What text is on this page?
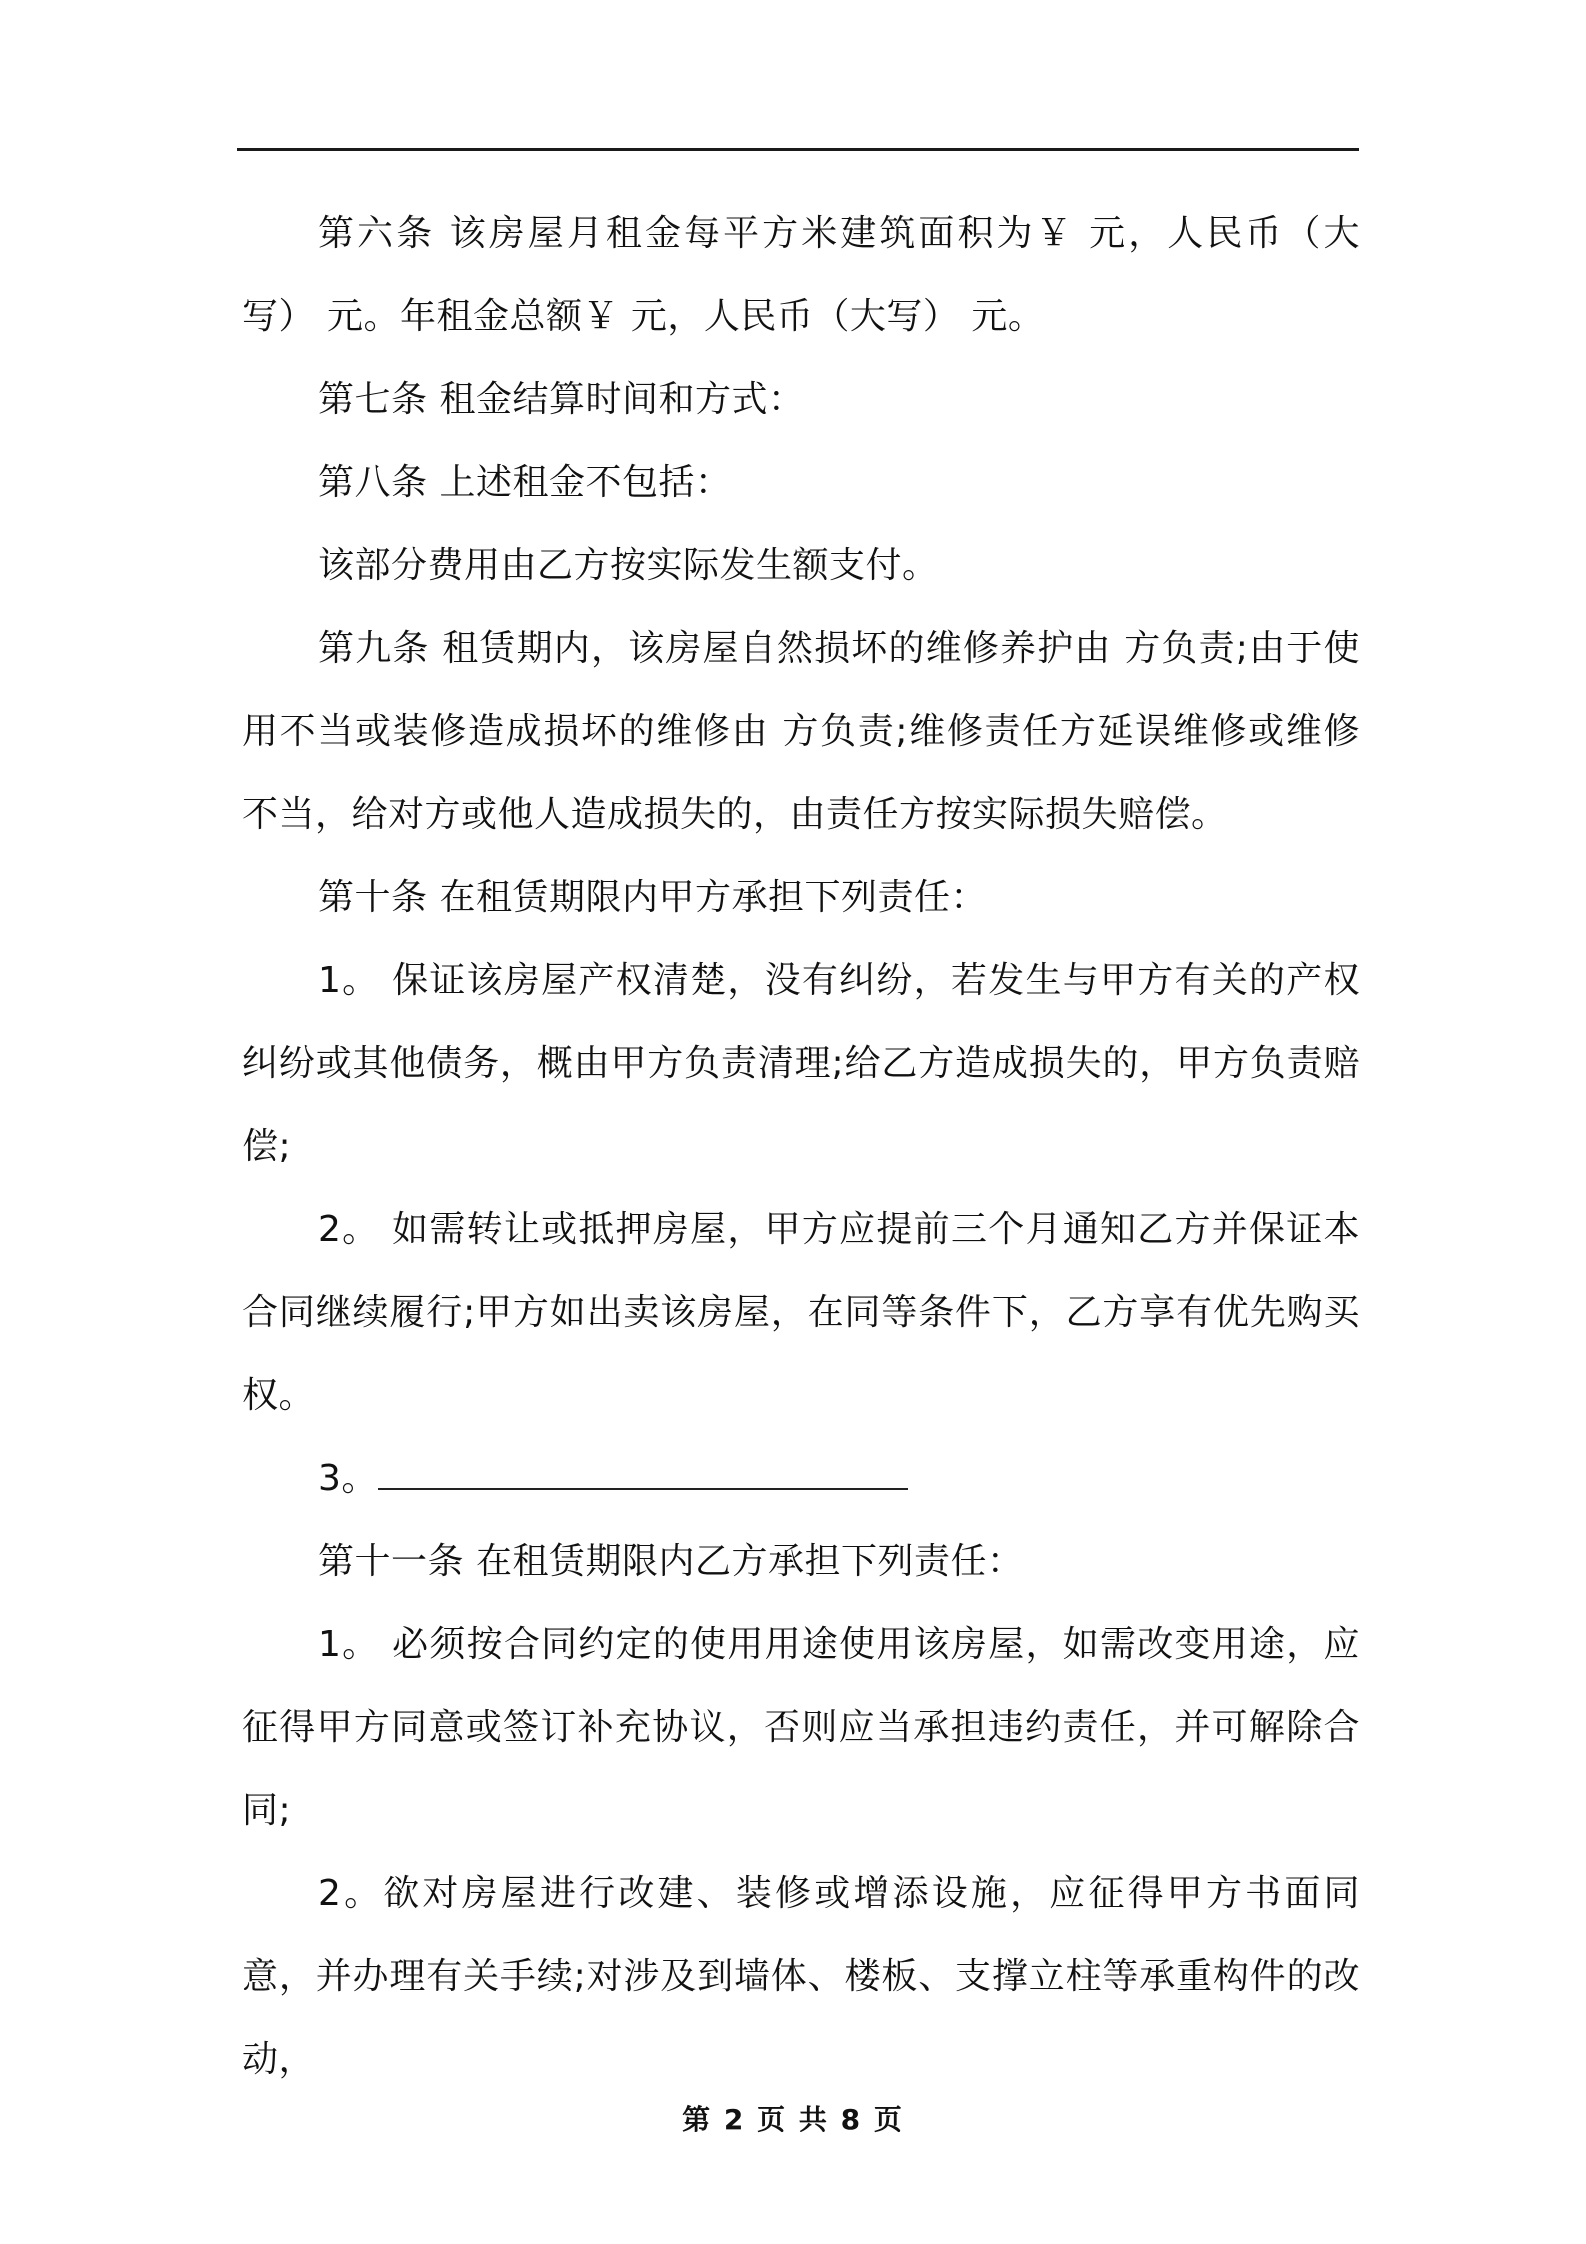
第六条 该房屋月租金每平方米建筑面积为￥ 元，人民币（大写） 元。年租金总额￥ 元，人民币（大写） 元。

第七条 租金结算时间和方式：

第八条 上述租金不包括：

该部分费用由乙方按实际发生额支付。

第九条 租赁期内，该房屋自然损坏的维修养护由 方负责;由于使用不当或装修造成损坏的维修由 方负责;维修责任方延误维修或维修不当，给对方或他人造成损失的，由责任方按实际损失赔偿。

第十条 在租赁期限内甲方承担下列责任：

1。 保证该房屋产权清楚，没有纠纷，若发生与甲方有关的产权纠纷或其他债务，概由甲方负责清理;给乙方造成损失的，甲方负责赔偿;

2。 如需转让或抵押房屋，甲方应提前三个月通知乙方并保证本合同继续履行;甲方如出卖该房屋，在同等条件下，乙方享有优先购买权。

3。

第十一条 在租赁期限内乙方承担下列责任：

1。 必须按合同约定的使用用途使用该房屋，如需改变用途，应征得甲方同意或签订补充协议，否则应当承担违约责任，并可解除合同;

2。欲对房屋进行改建、装修或增添设施，应征得甲方书面同意，并办理有关手续;对涉及到墙体、楼板、支撑立柱等承重构件的改动，

第 2 页 共 8 页
